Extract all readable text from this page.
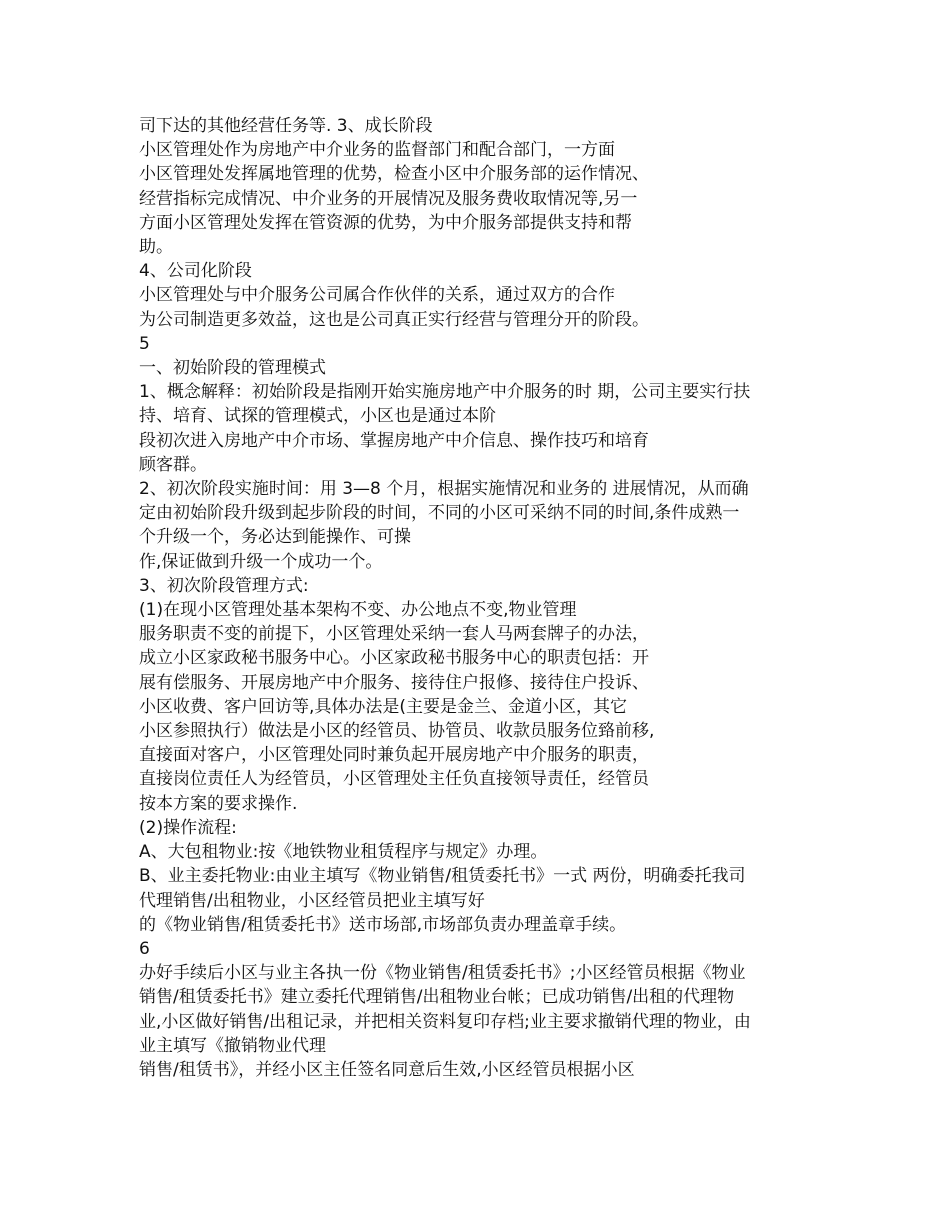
司下达的其他经营任务等. 3、成长阶段
小区管理处作为房地产中介业务的监督部门和配合部门，一方面
小区管理处发挥属地管理的优势，检查小区中介服务部的运作情况、
经营指标完成情况、中介业务的开展情况及服务费收取情况等,另一
方面小区管理处发挥在管资源的优势，为中介服务部提供支持和帮
助。
4、公司化阶段
小区管理处与中介服务公司属合作伙伴的关系，通过双方的合作
为公司制造更多效益，这也是公司真正实行经营与管理分开的阶段。
5
一、初始阶段的管理模式
1、概念解释：初始阶段是指刚开始实施房地产中介服务的时 期，公司主要实行扶
持、培育、试探的管理模式，小区也是通过本阶
段初次进入房地产中介市场、掌握房地产中介信息、操作技巧和培育
顾客群。
2、初次阶段实施时间：用 3—8 个月，根据实施情况和业务的 进展情况，从而确
定由初始阶段升级到起步阶段的时间，不同的小区可采纳不同的时间,条件成熟一
个升级一个，务必达到能操作、可操
作,保证做到升级一个成功一个。
3、初次阶段管理方式:
(1)在现小区管理处基本架构不变、办公地点不变,物业管理
服务职责不变的前提下，小区管理处采纳一套人马两套牌子的办法，
成立小区家政秘书服务中心。小区家政秘书服务中心的职责包括：开
展有偿服务、开展房地产中介服务、接待住户报修、接待住户投诉、
小区收费、客户回访等,具体办法是(主要是金兰、金道小区，其它
小区参照执行）做法是小区的经管员、协管员、收款员服务位臵前移,
直接面对客户，小区管理处同时兼负起开展房地产中介服务的职责，
直接岗位责任人为经管员，小区管理处主任负直接领导责任，经管员
按本方案的要求操作.
(2)操作流程:
A、大包租物业:按《地铁物业租赁程序与规定》办理。
B、业主委托物业:由业主填写《物业销售/租赁委托书》一式 两份，明确委托我司
代理销售/出租物业，小区经管员把业主填写好
的《物业销售/租赁委托书》送市场部,市场部负责办理盖章手续。
6
办好手续后小区与业主各执一份《物业销售/租赁委托书》;小区经管员根据《物业
销售/租赁委托书》建立委托代理销售/出租物业台帐；已成功销售/出租的代理物
业,小区做好销售/出租记录，并把相关资料复印存档;业主要求撤销代理的物业，由
业主填写《撤销物业代理
销售/租赁书》，并经小区主任签名同意后生效,小区经管员根据小区
